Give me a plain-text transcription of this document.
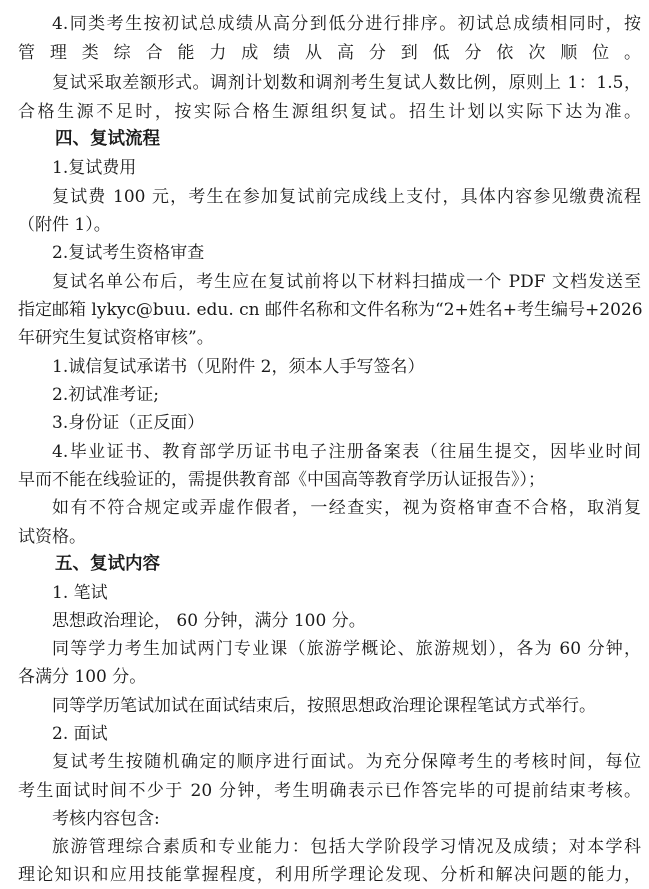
4.同类考生按初试总成绩从高分到低分进行排序。初试总成绩相同时，按
管理类综合能力成绩从高分到低分依次顺位。
复试采取差额形式。调剂计划数和调剂考生复试人数比例，原则上 1：1.5，
合格生源不足时，按实际合格生源组织复试。招生计划以实际下达为准。
四、复试流程
1.复试费用
复试费 100 元，考生在参加复试前完成线上支付，具体内容参见缴费流程
（附件 1）。
2.复试考生资格审查
复试名单公布后，考生应在复试前将以下材料扫描成一个 PDF 文档发送至
指定邮箱 lykyc@buu. edu. cn 邮件名称和文件名称为“2+姓名+考生编号+2026
年研究生复试资格审核”。
1.诚信复试承诺书（见附件 2，须本人手写签名）
2.初试准考证;
3.身份证（正反面）
4.毕业证书、教育部学历证书电子注册备案表（往届生提交，因毕业时间
早而不能在线验证的，需提供教育部《中国高等教育学历认证报告》）；
如有不符合规定或弄虚作假者，一经查实，视为资格审查不合格，取消复
试资格。
五、复试内容
1. 笔试
思想政治理论， 60 分钟，满分 100 分。
同等学力考生加试两门专业课（旅游学概论、旅游规划），各为 60 分钟，
各满分 100 分。
同等学历笔试加试在面试结束后，按照思想政治理论课程笔试方式举行。
2. 面试
复试考生按随机确定的顺序进行面试。为充分保障考生的考核时间，每位
考生面试时间不少于 20 分钟，考生明确表示已作答完毕的可提前结束考核。
考核内容包含:
旅游管理综合素质和专业能力：包括大学阶段学习情况及成绩；对本学科
理论知识和应用技能掌握程度，利用所学理论发现、分析和解决问题的能力，
